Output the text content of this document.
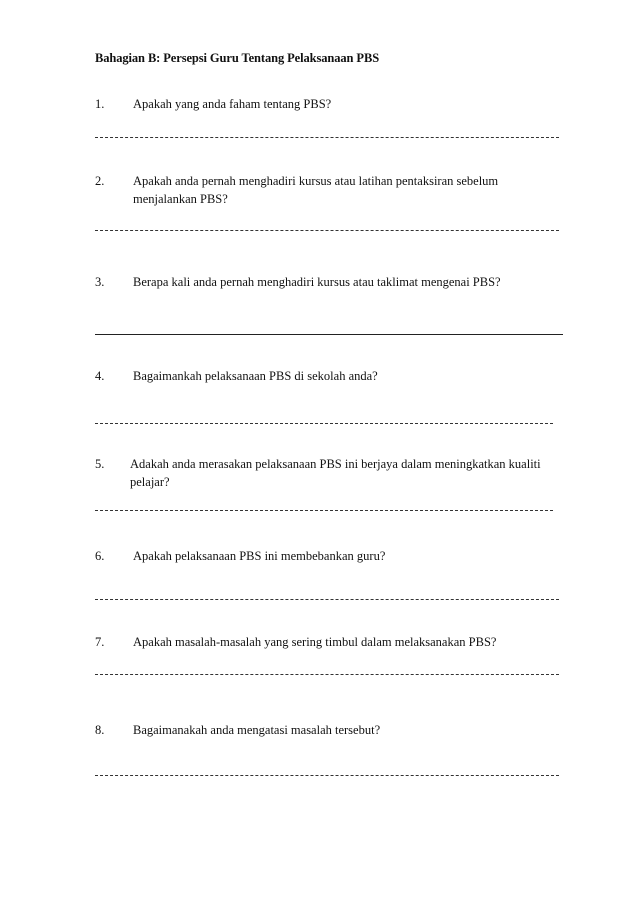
Bahagian B: Persepsi Guru Tentang Pelaksanaan PBS
1.	Apakah yang anda faham tentang PBS?
2.	Apakah anda pernah menghadiri kursus atau latihan pentaksiran sebelum menjalankan PBS?
3.	Berapa kali anda pernah menghadiri kursus atau taklimat mengenai PBS?
4.	Bagaimankah pelaksanaan PBS di sekolah anda?
5.	Adakah anda merasakan pelaksanaan PBS ini berjaya dalam meningkatkan kualiti pelajar?
6.	Apakah pelaksanaan PBS ini membebankan guru?
7.	Apakah masalah-masalah yang sering timbul dalam melaksanakan PBS?
8.	Bagaimanakah anda mengatasi masalah tersebut?
